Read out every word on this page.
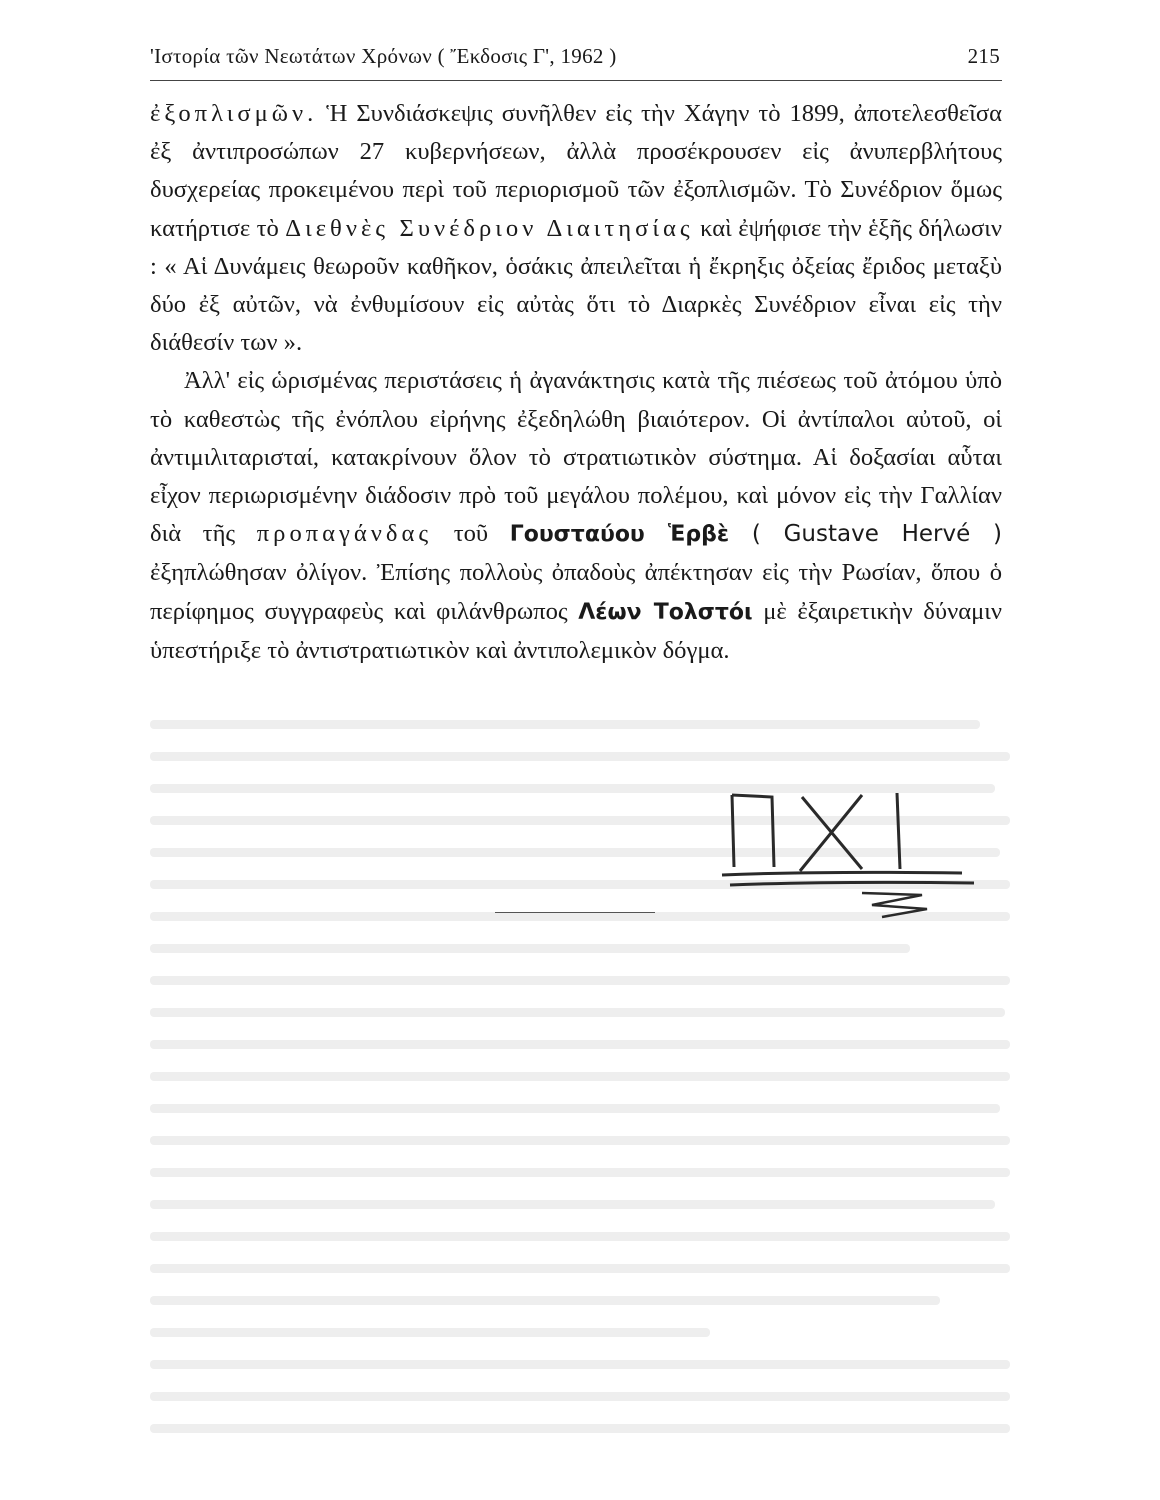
'Ιστορία τῶν Νεωτάτων Χρόνων ( Ἔκδοσις Γ', 1962 )	215

ἐξοπλισμῶν. Ἡ Συνδιάσκεψις συνῆλθεν εἰς τὴν Χάγην τὸ 1899, ἀποτελεσθεῖσα ἐξ ἀντιπροσώπων 27 κυβερνήσεων, ἀλλὰ προσέκρουσεν εἰς ἀνυπερβλήτους δυσχερείας προκειμένου περὶ τοῦ περιορισμοῦ τῶν ἐξοπλισμῶν. Τὸ Συνέδριον ὅμως κατήρτισε τὸ Διεθνὲς Συνέδριον Διαιτησίας καὶ ἐψήφισε τὴν ἑξῆς δήλωσιν : « Αἱ Δυνάμεις θεωροῦν καθῆκον, ὁσάκις ἀπειλεῖται ἡ ἔκρηξις ὀξείας ἔριδος μεταξὺ δύο ἐξ αὐτῶν, νὰ ἐνθυμίσουν εἰς αὐτὰς ὅτι τὸ Διαρκὲς Συνέδριον εἶναι εἰς τὴν διάθεσίν των ».

Ἀλλ' εἰς ὡρισμένας περιστάσεις ἡ ἀγανάκτησις κατὰ τῆς πιέσεως τοῦ ἀτόμου ὑπὸ τὸ καθεστὼς τῆς ἐνόπλου εἰρήνης ἐξεδηλώθη βιαιότερον. Οἱ ἀντίπαλοι αὐτοῦ, οἱ ἀντιμιλιταρισταί, κατακρίνουν ὅλον τὸ στρατιωτικὸν σύστημα. Αἱ δοξασίαι αὗται εἶχον περιωρισμένην διάδοσιν πρὸ τοῦ μεγάλου πολέμου, καὶ μόνον εἰς τὴν Γαλλίαν διὰ τῆς προπαγάνδας τοῦ Γουσταύου Ἑρβὲ ( Gustave Hervé ) ἐξηπλώθησαν ὀλίγον. Ἐπίσης πολλοὺς ὀπαδοὺς ἀπέκτησαν εἰς τὴν Ρωσίαν, ὅπου ὁ περίφημος συγγραφεὺς καὶ φιλάνθρωπος Λέων Τολστόι μὲ ἐξαιρετικὴν δύναμιν ὑπεστήριξε τὸ ἀντιστρατιωτικὸν καὶ ἀντιπολεμικὸν δόγμα.
